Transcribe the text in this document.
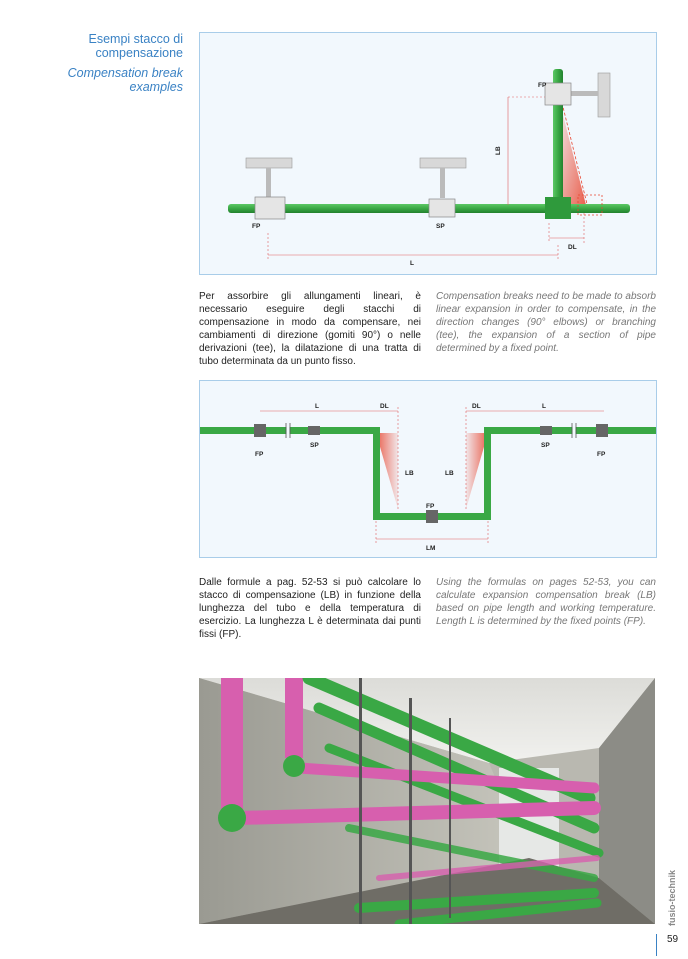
Esempi stacco di compensazione
Compensation break examples	FP
FP	SP
LB
DL
L
Per assorbire gli allungamenti lineari, è necessario eseguire degli stacchi di compensazione in modo da compensare, nei cambiamenti di direzione (gomiti 90°) o nelle derivazioni (tee), la dilatazione di una tratta di tubo determinata da un punto fisso.
Compensation breaks need to be made to absorb linear expansion in order to compensate, in the direction changes (90° elbows) or branching (tee), the expansion of a section of pipe determined by a fixed point.
L	DL	DL	L
FP
SP	SP
FP
LB	LB
FP
LM
Dalle formule a pag. 52-53 si può calcolare lo stacco di compensazione (LB) in funzione della lunghezza del tubo e della temperatura di esercizio. La lunghezza L è determinata dai punti fissi (FP).
Using the formulas on pages 52-53, you can calculate expansion compensation break (LB) based on pipe length and working temperature. Length L is determined by the fixed points (FP).
fusio-technik
59
